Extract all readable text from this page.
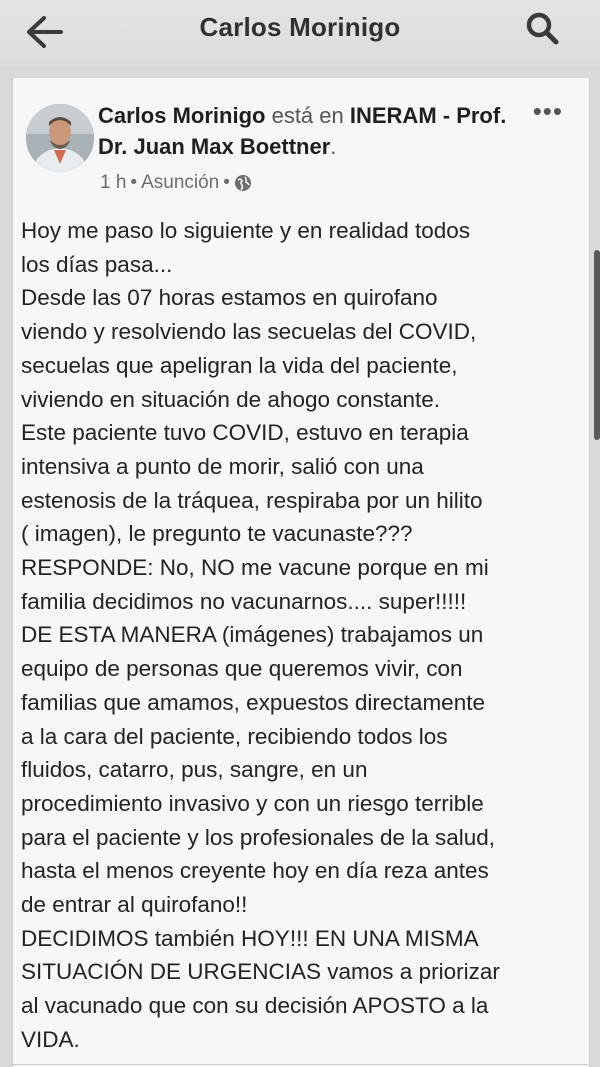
Carlos Morinigo
Carlos Morinigo está en INERAM - Prof. Dr. Juan Max Boettner.
•••
1 h • Asunción •
Hoy me paso lo siguiente y en realidad todos
los días pasa...
Desde las 07 horas estamos en quirofano
viendo y resolviendo las secuelas del COVID,
secuelas que apeligran la vida del paciente,
viviendo en situación de ahogo constante.
Este paciente tuvo COVID, estuvo en terapia
intensiva a punto de morir, salió con una
estenosis de la tráquea, respiraba por un hilito
( imagen), le pregunto te vacunaste???
RESPONDE: No, NO me vacune porque en mi
familia decidimos no vacunarnos.... super!!!!!
DE ESTA MANERA (imágenes) trabajamos un
equipo de personas que queremos vivir, con
familias que amamos, expuestos directamente
a la cara del paciente, recibiendo todos los
fluidos, catarro, pus, sangre, en un
procedimiento invasivo y con un riesgo terrible
para el paciente y los profesionales de la salud,
hasta el menos creyente hoy en día reza antes
de entrar al quirofano!!
DECIDIMOS también HOY!!! EN UNA MISMA
SITUACIÓN DE URGENCIAS vamos a priorizar
al vacunado que con su decisión APOSTO a la
VIDA.
